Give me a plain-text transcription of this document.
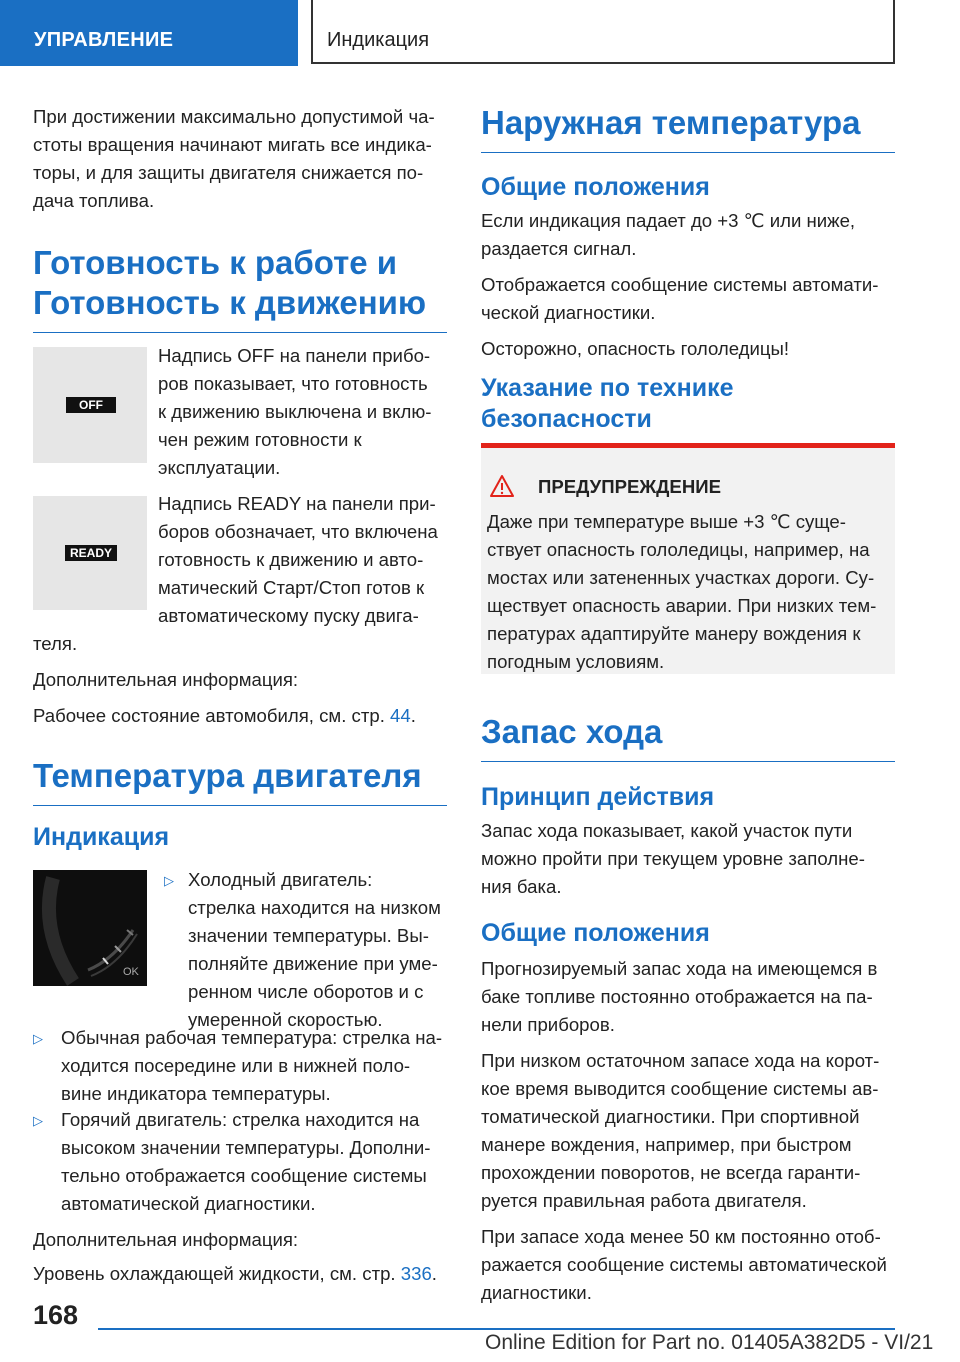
УПРАВЛЕНИЕ	Индикация

При достижении максимально допустимой ча-

стоты вращения начинают мигать все индика-

торы, и для защиты двигателя снижается по-

дача топлива.

Готовность к работе и
Готовность к движению
OFF

Надпись OFF на панели прибо-

ров показывает, что готовность

к движению выключена и вклю-

чен режим готовности к

эксплуатации.

READY

Надпись READY на панели при-

боров обозначает, что включена

готовность к движению и авто-

матический Старт/Стоп готов к

автоматическому пуску двига-

теля.

Дополнительная информация:

Рабочее состояние автомобиля, см. стр. 44.

Температура двигателя
Индикация
OK
▷ Холодный двигатель:

стрелка находится на низком

значении температуры. Вы-

полняйте движение при уме-

ренном числе оборотов и с

умеренной скоростью.

▷ Обычная рабочая температура: стрелка на-

ходится посередине или в нижней поло-

вине индикатора температуры.

▷ Горячий двигатель: стрелка находится на

высоком значении температуры. Дополни-

тельно отображается сообщение системы

автоматической диагностики.

Дополнительная информация:

Уровень охлаждающей жидкости, см. стр. 336.

Наружная температура
Общие положения

Если индикация падает до +3 ℃ или ниже,

раздается сигнал.

Отображается сообщение системы автомати-

ческой диагностики.

Осторожно, опасность гололедицы!

Указание по технике
безопасности
ПРЕДУПРЕЖДЕНИЕ

Даже при температуре выше +3 ℃ суще-

ствует опасность гололедицы, например, на

мостах или затененных участках дороги. Су-

ществует опасность аварии. При низких тем-

пературах адаптируйте манеру вождения к

погодным условиям.

Запас хода
Принцип действия

Запас хода показывает, какой участок пути

можно пройти при текущем уровне заполне-

ния бака.

Общие положения

Прогнозируемый запас хода на имеющемся в

баке топливе постоянно отображается на па-

нели приборов.

При низком остаточном запасе хода на корот-

кое время выводится сообщение системы ав-

томатической диагностики. При спортивной

манере вождения, например, при быстром

прохождении поворотов, не всегда гаранти-

руется правильная работа двигателя.

При запасе хода менее 50 км постоянно отоб-

ражается сообщение системы автоматической

диагностики.

168
Online Edition for Part no. 01405A382D5 - VI/21
